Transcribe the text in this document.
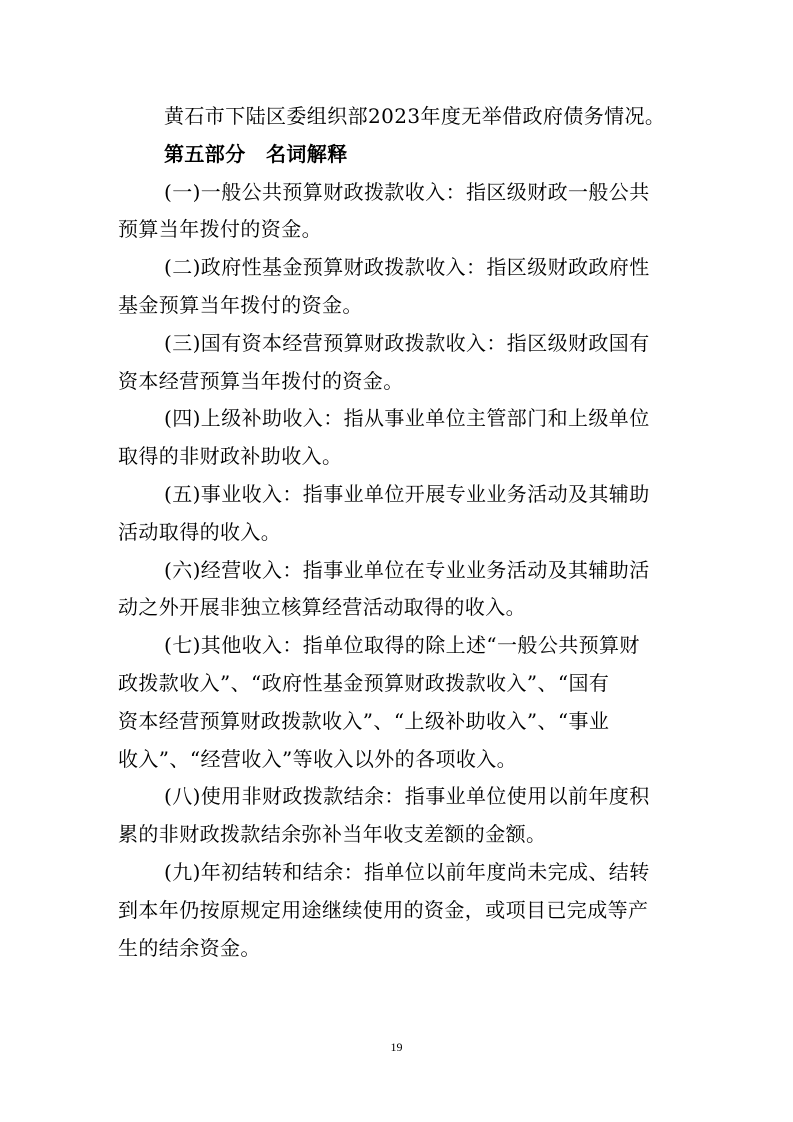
黄石市下陆区委组织部2023年度无举借政府债务情况。
第五部分　名词解释
(一)一般公共预算财政拨款收入：指区级财政一般公共
预算当年拨付的资金。
(二)政府性基金预算财政拨款收入：指区级财政政府性
基金预算当年拨付的资金。
(三)国有资本经营预算财政拨款收入：指区级财政国有
资本经营预算当年拨付的资金。
(四)上级补助收入：指从事业单位主管部门和上级单位
取得的非财政补助收入。
(五)事业收入：指事业单位开展专业业务活动及其辅助
活动取得的收入。
(六)经营收入：指事业单位在专业业务活动及其辅助活
动之外开展非独立核算经营活动取得的收入。
(七)其他收入：指单位取得的除上述“一般公共预算财
政拨款收入”、“政府性基金预算财政拨款收入”、“国有
资本经营预算财政拨款收入”、“上级补助收入”、“事业
收入”、“经营收入”等收入以外的各项收入。
(八)使用非财政拨款结余：指事业单位使用以前年度积
累的非财政拨款结余弥补当年收支差额的金额。
(九)年初结转和结余：指单位以前年度尚未完成、结转
到本年仍按原规定用途继续使用的资金，或项目已完成等产
生的结余资金。
19
